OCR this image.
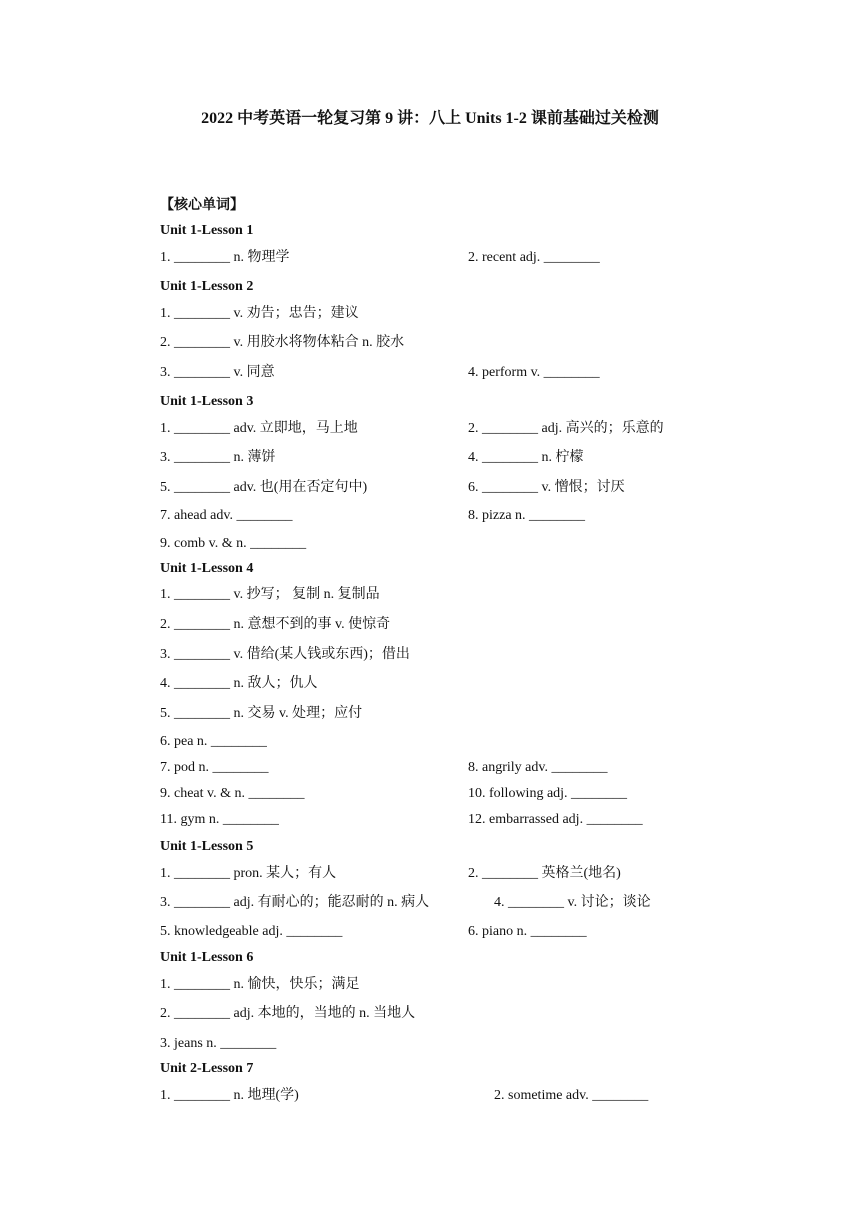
2022 中考英语一轮复习第 9 讲：八上 Units 1-2 课前基础过关检测
【核心单词】
Unit 1-Lesson 1
1. ________ n. 物理学	2. recent adj. ________
Unit 1-Lesson 2
1. ________ v. 劝告；忠告；建议
2. ________ v. 用胶水将物体粘合 n. 胶水
3. ________ v. 同意	4. perform v. ________
Unit 1-Lesson 3
1. ________ adv. 立即地，马上地	2. ________ adj. 高兴的；乐意的
3. ________ n. 薄饼	4. ________ n. 柠檬
5. ________ adv. 也(用在否定句中)	6. ________ v. 憎恨；讨厌
7. ahead adv. ________	8. pizza n. ________
9. comb v. & n. ________
Unit 1-Lesson 4
1. ________ v. 抄写； 复制 n. 复制品
2. ________ n. 意想不到的事 v. 使惊奇
3. ________ v. 借给(某人钱或东西)；借出
4. ________ n. 敌人；仇人
5. ________ n. 交易 v. 处理；应付
6. pea n. ________
7. pod n. ________	8. angrily adv. ________
9. cheat v. & n. ________	10. following adj. ________
11. gym n. ________	12. embarrassed adj. ________
Unit 1-Lesson 5
1. ________ pron. 某人；有人	2. ________ 英格兰(地名)
3. ________ adj. 有耐心的；能忍耐的 n. 病人	4. ________ v. 讨论；谈论
5. knowledgeable adj. ________	6. piano n. ________
Unit 1-Lesson 6
1. ________ n. 愉快，快乐；满足
2. ________ adj. 本地的，当地的 n. 当地人
3. jeans n. ________
Unit 2-Lesson 7
1. ________ n. 地理(学)	2. sometime adv. ________
